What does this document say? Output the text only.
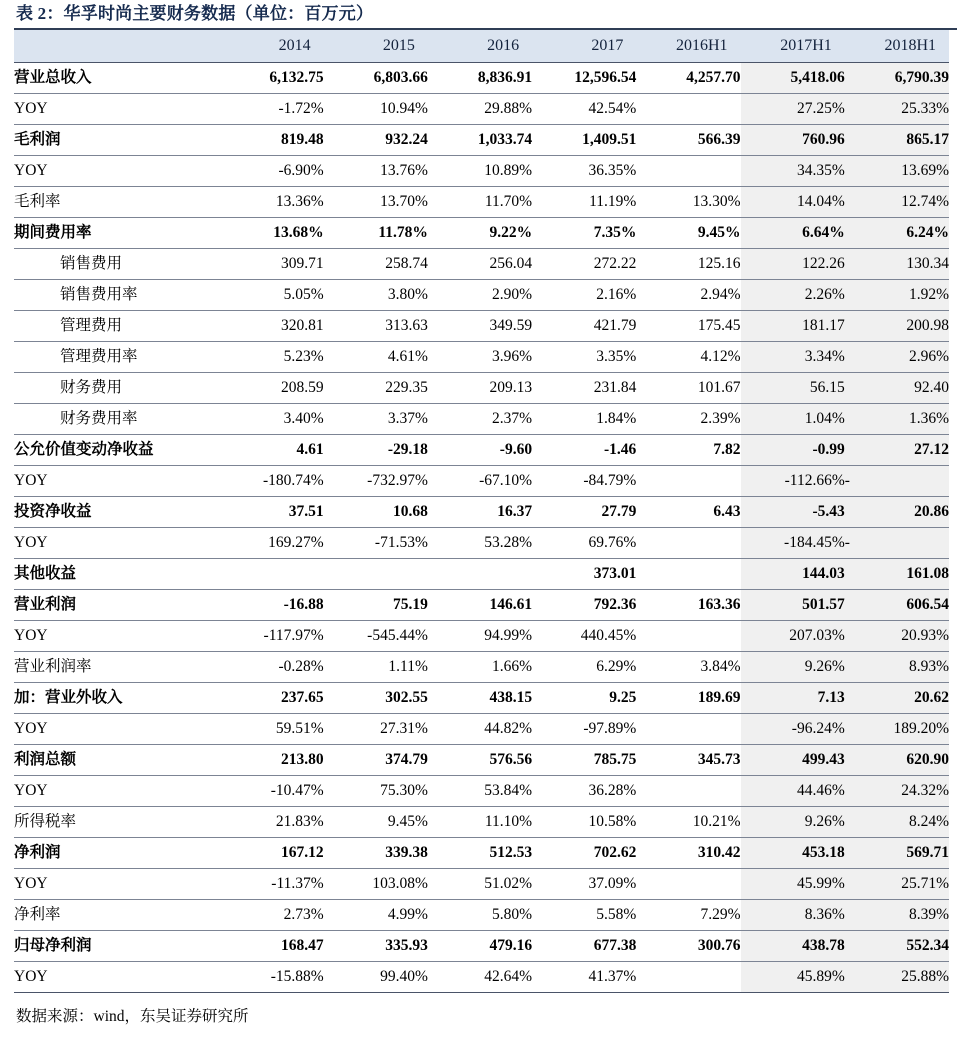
表 2：华孚时尚主要财务数据（单位：百万元）
	2014	2015	2016	2017	2016H1	2017H1	2018H1
营业总收入	6,132.75	6,803.66	8,836.91	12,596.54	4,257.70	5,418.06	6,790.39
YOY	-1.72%	10.94%	29.88%	42.54%		27.25%	25.33%
毛利润	819.48	932.24	1,033.74	1,409.51	566.39	760.96	865.17
YOY	-6.90%	13.76%	10.89%	36.35%		34.35%	13.69%
毛利率	13.36%	13.70%	11.70%	11.19%	13.30%	14.04%	12.74%
期间费用率	13.68%	11.78%	9.22%	7.35%	9.45%	6.64%	6.24%
销售费用	309.71	258.74	256.04	272.22	125.16	122.26	130.34
销售费用率	5.05%	3.80%	2.90%	2.16%	2.94%	2.26%	1.92%
管理费用	320.81	313.63	349.59	421.79	175.45	181.17	200.98
管理费用率	5.23%	4.61%	3.96%	3.35%	4.12%	3.34%	2.96%
财务费用	208.59	229.35	209.13	231.84	101.67	56.15	92.40
财务费用率	3.40%	3.37%	2.37%	1.84%	2.39%	1.04%	1.36%
公允价值变动净收益	4.61	-29.18	-9.60	-1.46	7.82	-0.99	27.12
YOY	-180.74%	-732.97%	-67.10%	-84.79%		-112.66%	-
投资净收益	37.51	10.68	16.37	27.79	6.43	-5.43	20.86
YOY	169.27%	-71.53%	53.28%	69.76%		-184.45%	-
其他收益				373.01		144.03	161.08
营业利润	-16.88	75.19	146.61	792.36	163.36	501.57	606.54
YOY	-117.97%	-545.44%	94.99%	440.45%		207.03%	20.93%
营业利润率	-0.28%	1.11%	1.66%	6.29%	3.84%	9.26%	8.93%
加：营业外收入	237.65	302.55	438.15	9.25	189.69	7.13	20.62
YOY	59.51%	27.31%	44.82%	-97.89%		-96.24%	189.20%
利润总额	213.80	374.79	576.56	785.75	345.73	499.43	620.90
YOY	-10.47%	75.30%	53.84%	36.28%		44.46%	24.32%
所得税率	21.83%	9.45%	11.10%	10.58%	10.21%	9.26%	8.24%
净利润	167.12	339.38	512.53	702.62	310.42	453.18	569.71
YOY	-11.37%	103.08%	51.02%	37.09%		45.99%	25.71%
净利率	2.73%	4.99%	5.80%	5.58%	7.29%	8.36%	8.39%
归母净利润	168.47	335.93	479.16	677.38	300.76	438.78	552.34
YOY	-15.88%	99.40%	42.64%	41.37%		45.89%	25.88%
数据来源：wind，东吴证券研究所
